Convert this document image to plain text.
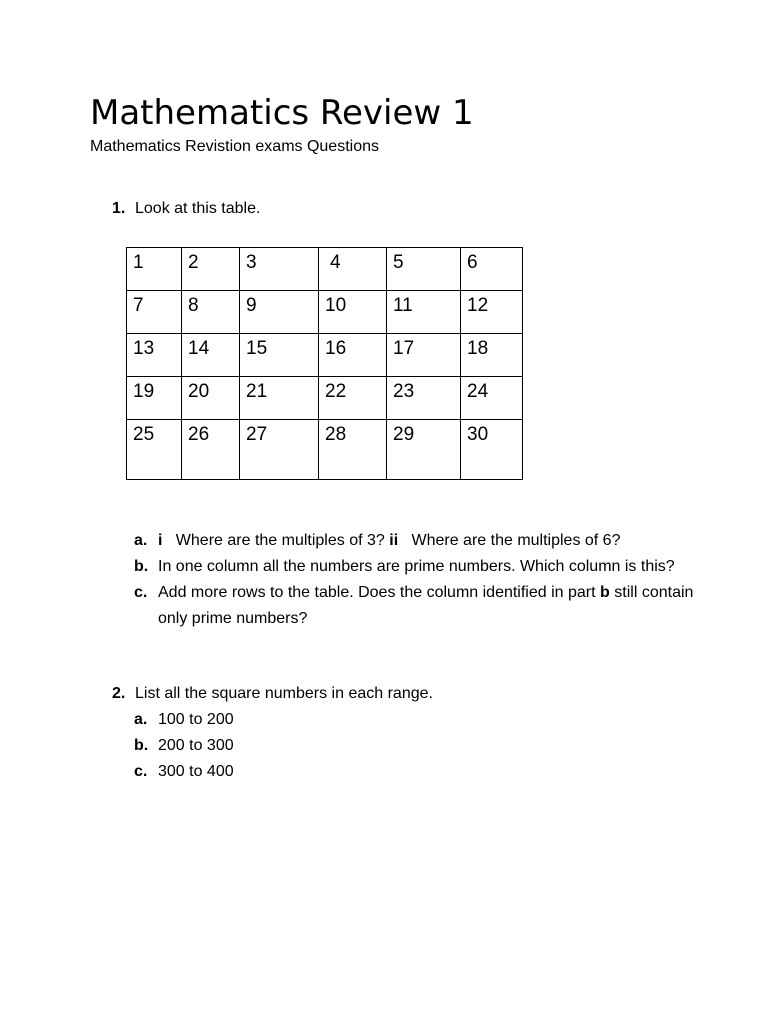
Mathematics Review 1
Mathematics Revistion exams Questions
1. Look at this table.
1	2	3	4	5	6
7	8	9	10	11	12
13	14	15	16	17	18
19	20	21	22	23	24
25	26	27	28	29	30
a. i Where are the multiples of 3? ii Where are the multiples of 6?
b. In one column all the numbers are prime numbers. Which column is this?
c. Add more rows to the table. Does the column identified in part b still contain only prime numbers?
2. List all the square numbers in each range.
a. 100 to 200
b. 200 to 300
c. 300 to 400
